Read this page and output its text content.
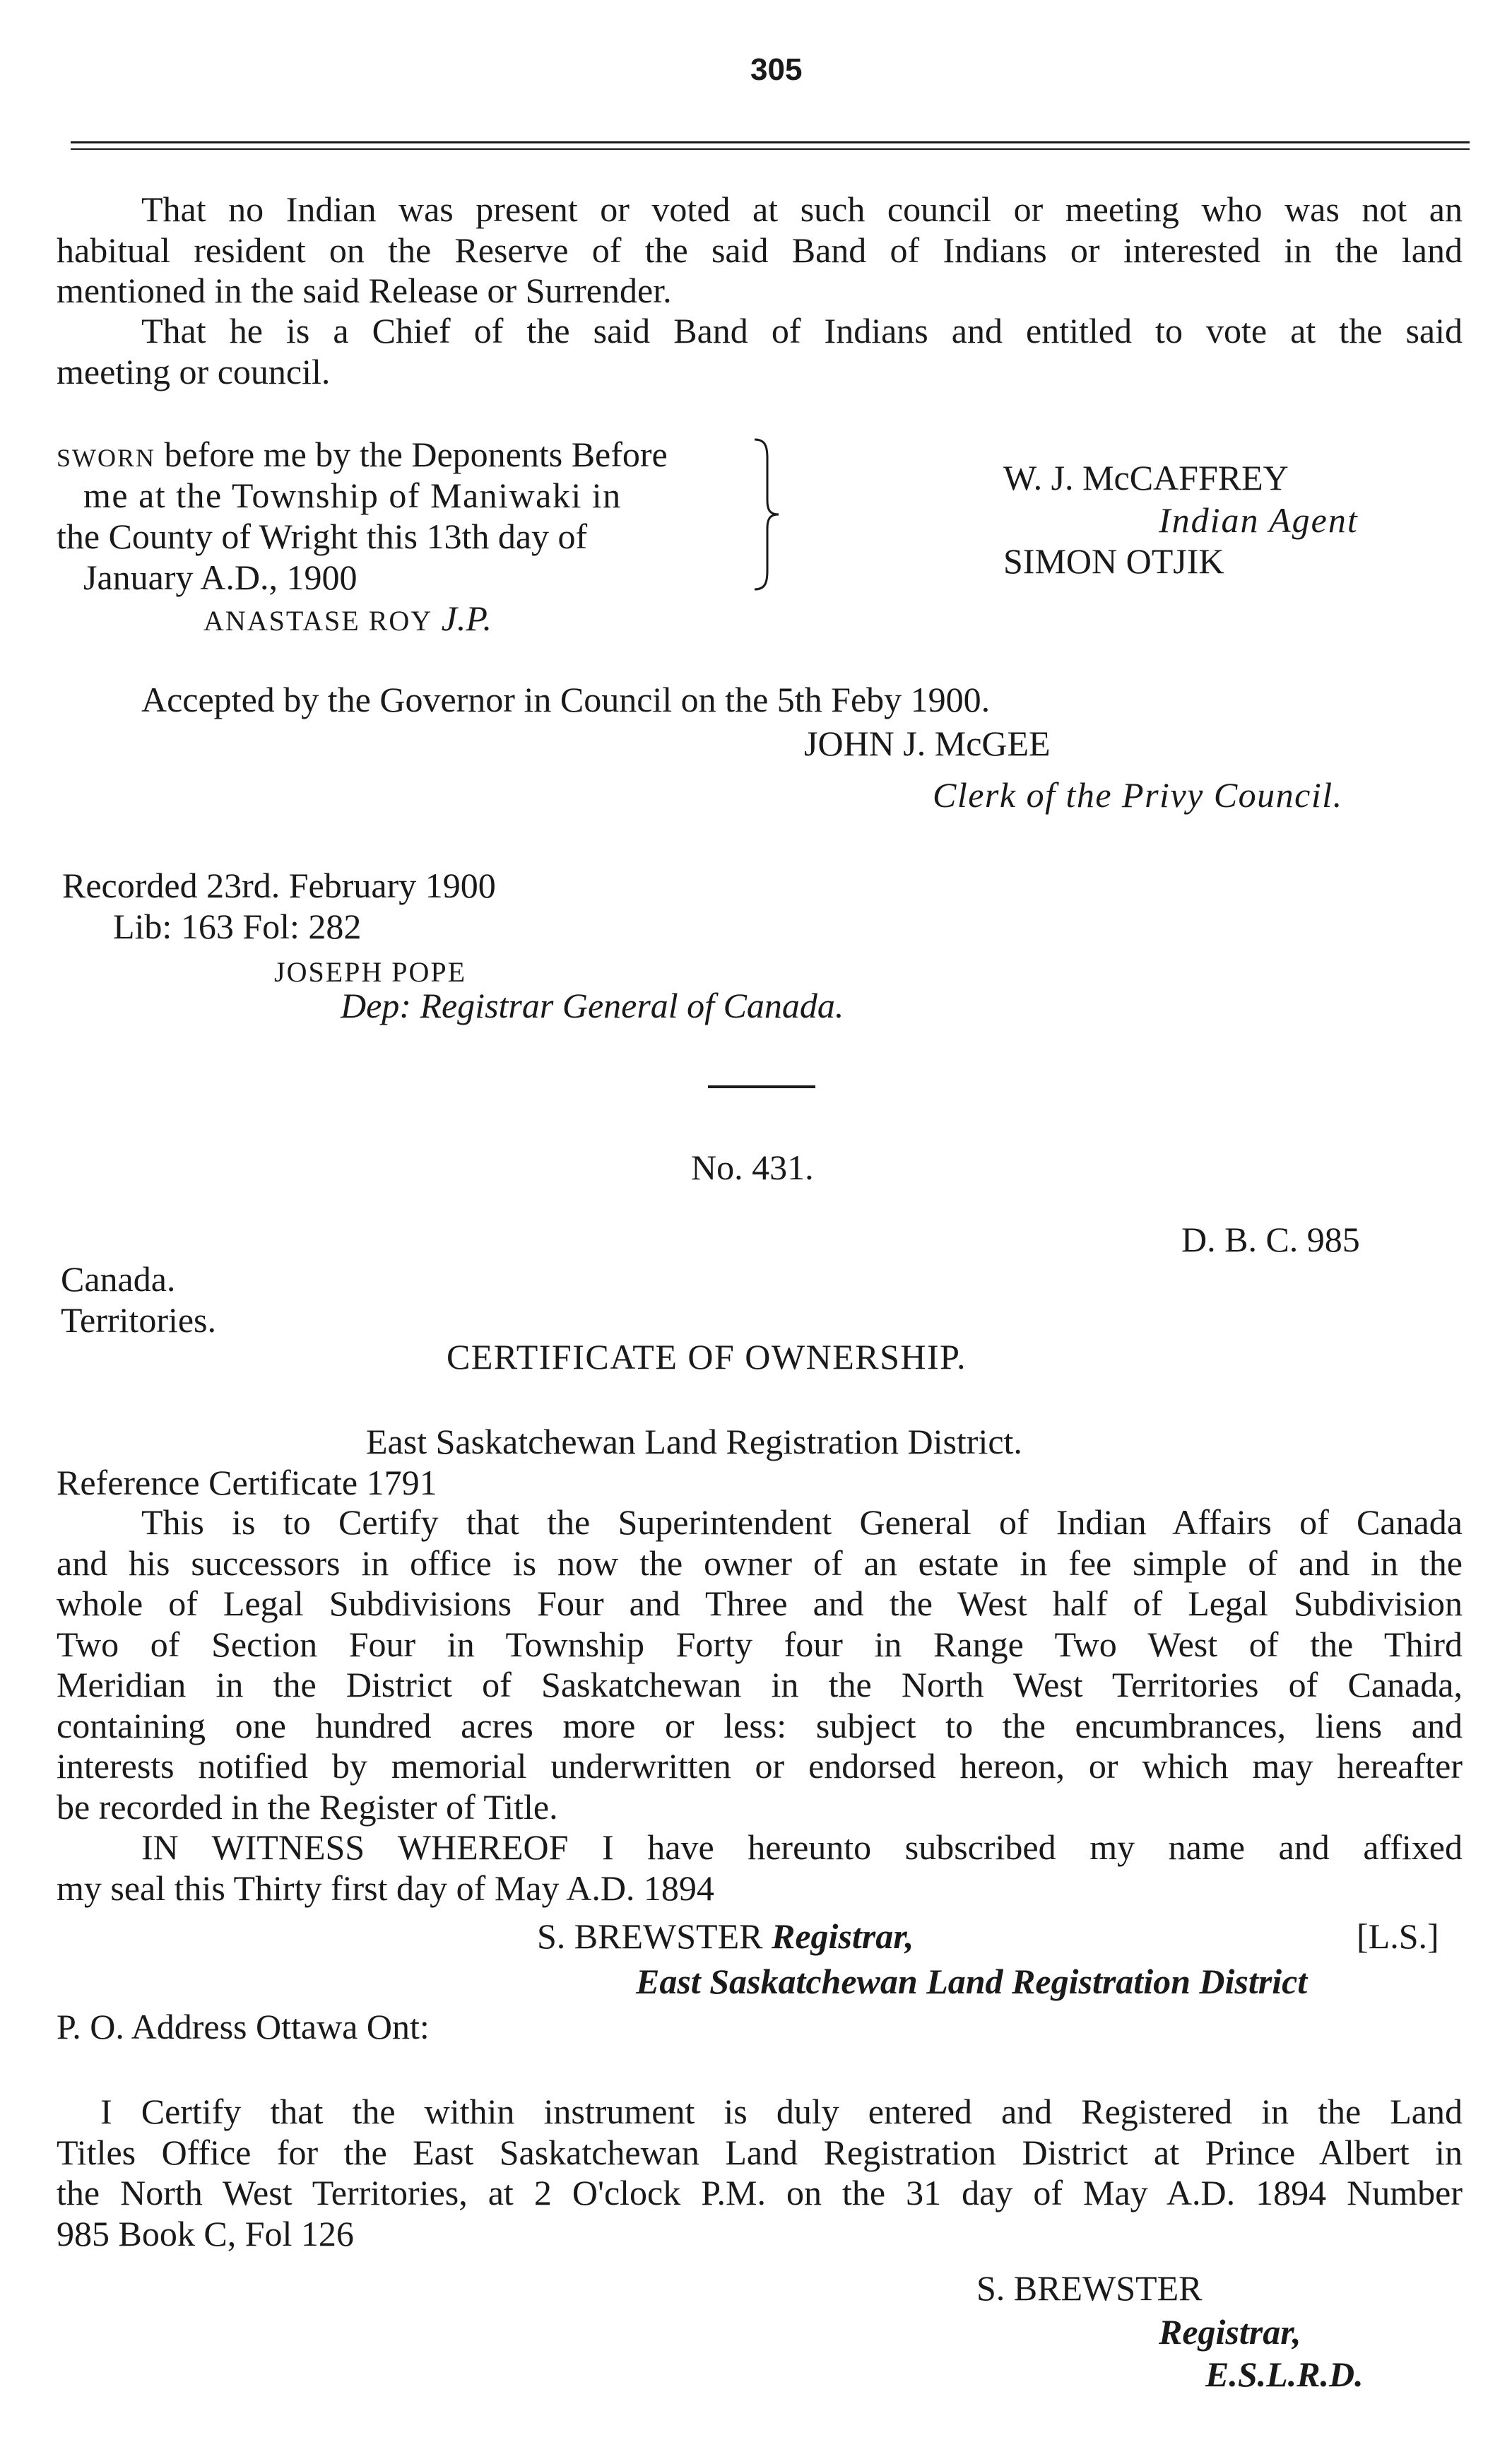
305
That no Indian was present or voted at such council or meeting who was not an
habitual resident on the Reserve of the said Band of Indians or interested in the land
mentioned in the said Release or Surrender.
That he is a Chief of the said Band of Indians and entitled to vote at the said
meeting or council.
SWORN before me by the Deponents Before
me at the Township of Maniwaki in
the County of Wright this 13th day of
January A.D., 1900
ANASTASE ROY J.P.
W. J. McCAFFREY
Indian Agent
SIMON OTJIK
Accepted by the Governor in Council on the 5th Feby 1900.
JOHN J. McGEE
Clerk of the Privy Council.
Recorded 23rd. February 1900
Lib: 163 Fol: 282
JOSEPH POPE
Dep: Registrar General of Canada.
No. 431.
D. B. C. 985
Canada.
Territories.
CERTIFICATE OF OWNERSHIP.
East Saskatchewan Land Registration District.
Reference Certificate 1791
This is to Certify that the Superintendent General of Indian Affairs of Canada
and his successors in office is now the owner of an estate in fee simple of and in the
whole of Legal Subdivisions Four and Three and the West half of Legal Subdivision
Two of Section Four in Township Forty four in Range Two West of the Third
Meridian in the District of Saskatchewan in the North West Territories of Canada,
containing one hundred acres more or less: subject to the encumbrances, liens and
interests notified by memorial underwritten or endorsed hereon, or which may hereafter
be recorded in the Register of Title.
IN WITNESS WHEREOF I have hereunto subscribed my name and affixed
my seal this Thirty first day of May A.D. 1894
S. BREWSTER Registrar,	[L.S.]
East Saskatchewan Land Registration District
P. O. Address Ottawa Ont:
I Certify that the within instrument is duly entered and Registered in the Land
Titles Office for the East Saskatchewan Land Registration District at Prince Albert in
the North West Territories, at 2 O'clock P.M. on the 31 day of May A.D. 1894 Number
985 Book C, Fol 126
S. BREWSTER
Registrar,
E.S.L.R.D.
